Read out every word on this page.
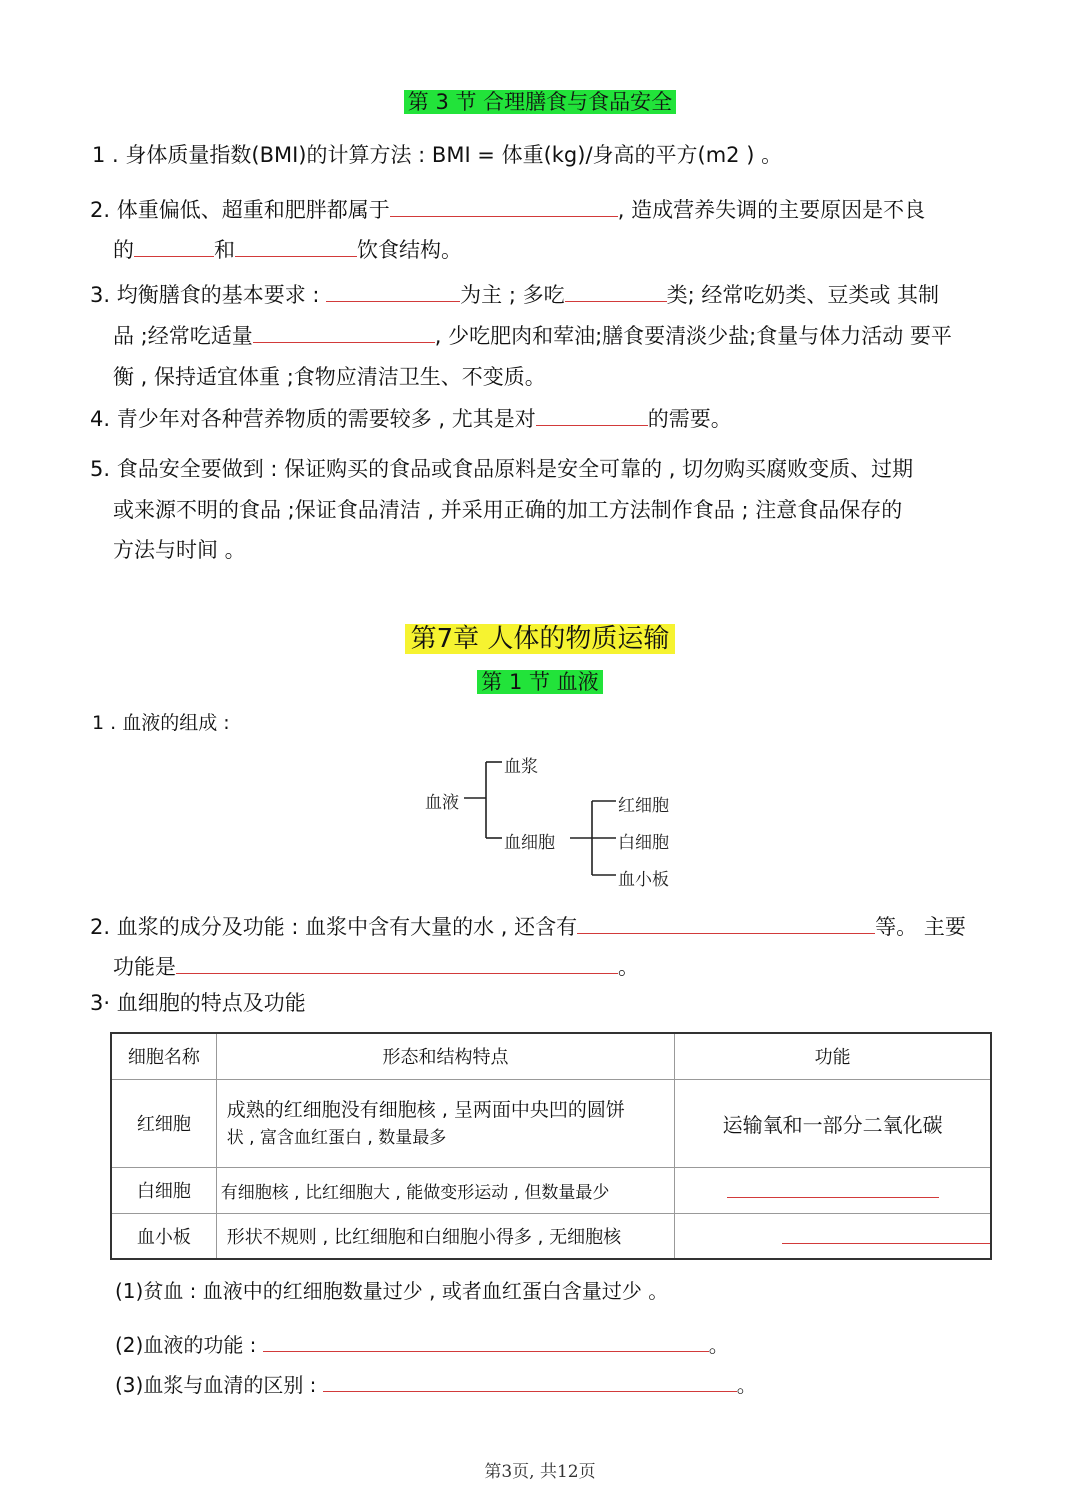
第 3 节 合理膳食与食品安全
1 . 身体质量指数(BMI)的计算方法 : BMI = 体重(kg)/身高的平方(m2 ) 。
2. 体重偏低、超重和肥胖都属于	, 造成营养失调的主要原因是不良
的	和	饮食结构。
3. 均衡膳食的基本要求 :	为主 ; 多吃	类; 经常吃奶类、豆类或 其制
品 ;经常吃适量	, 少吃肥肉和荤油;膳食要清淡少盐;食量与体力活动 要平
衡 , 保持适宜体重 ;食物应清洁卫生、不变质。
4. 青少年对各种营养物质的需要较多 , 尤其是对	的需要。
5. 食品安全要做到 : 保证购买的食品或食品原料是安全可靠的 , 切勿购买腐败变质、过期
或来源不明的食品 ;保证食品清洁 , 并采用正确的加工方法制作食品 ; 注意食品保存的
方法与时间 。
第7章 人体的物质运输
第 1 节 血液
1 . 血液的组成 :
血液
血浆
血细胞
红细胞
白细胞
血小板
2. 血浆的成分及功能 : 血浆中含有大量的水 , 还含有	等。 主要
功能是	。
3· 血细胞的特点及功能
细胞名称	形态和结构特点	功能
红细胞	成熟的红细胞没有细胞核 , 呈两面中央凹的圆饼
状 , 富含血红蛋白 , 数量最多	运输氧和一部分二氧化碳
白细胞	有细胞核 , 比红细胞大 , 能做变形运动 , 但数量最少	
血小板	形状不规则 , 比红细胞和白细胞小得多 , 无细胞核	
(1)贫血 : 血液中的红细胞数量过少 , 或者血红蛋白含量过少 。
(2)血液的功能 :	。
(3)血浆与血清的区别 :	。
第3页, 共12页
